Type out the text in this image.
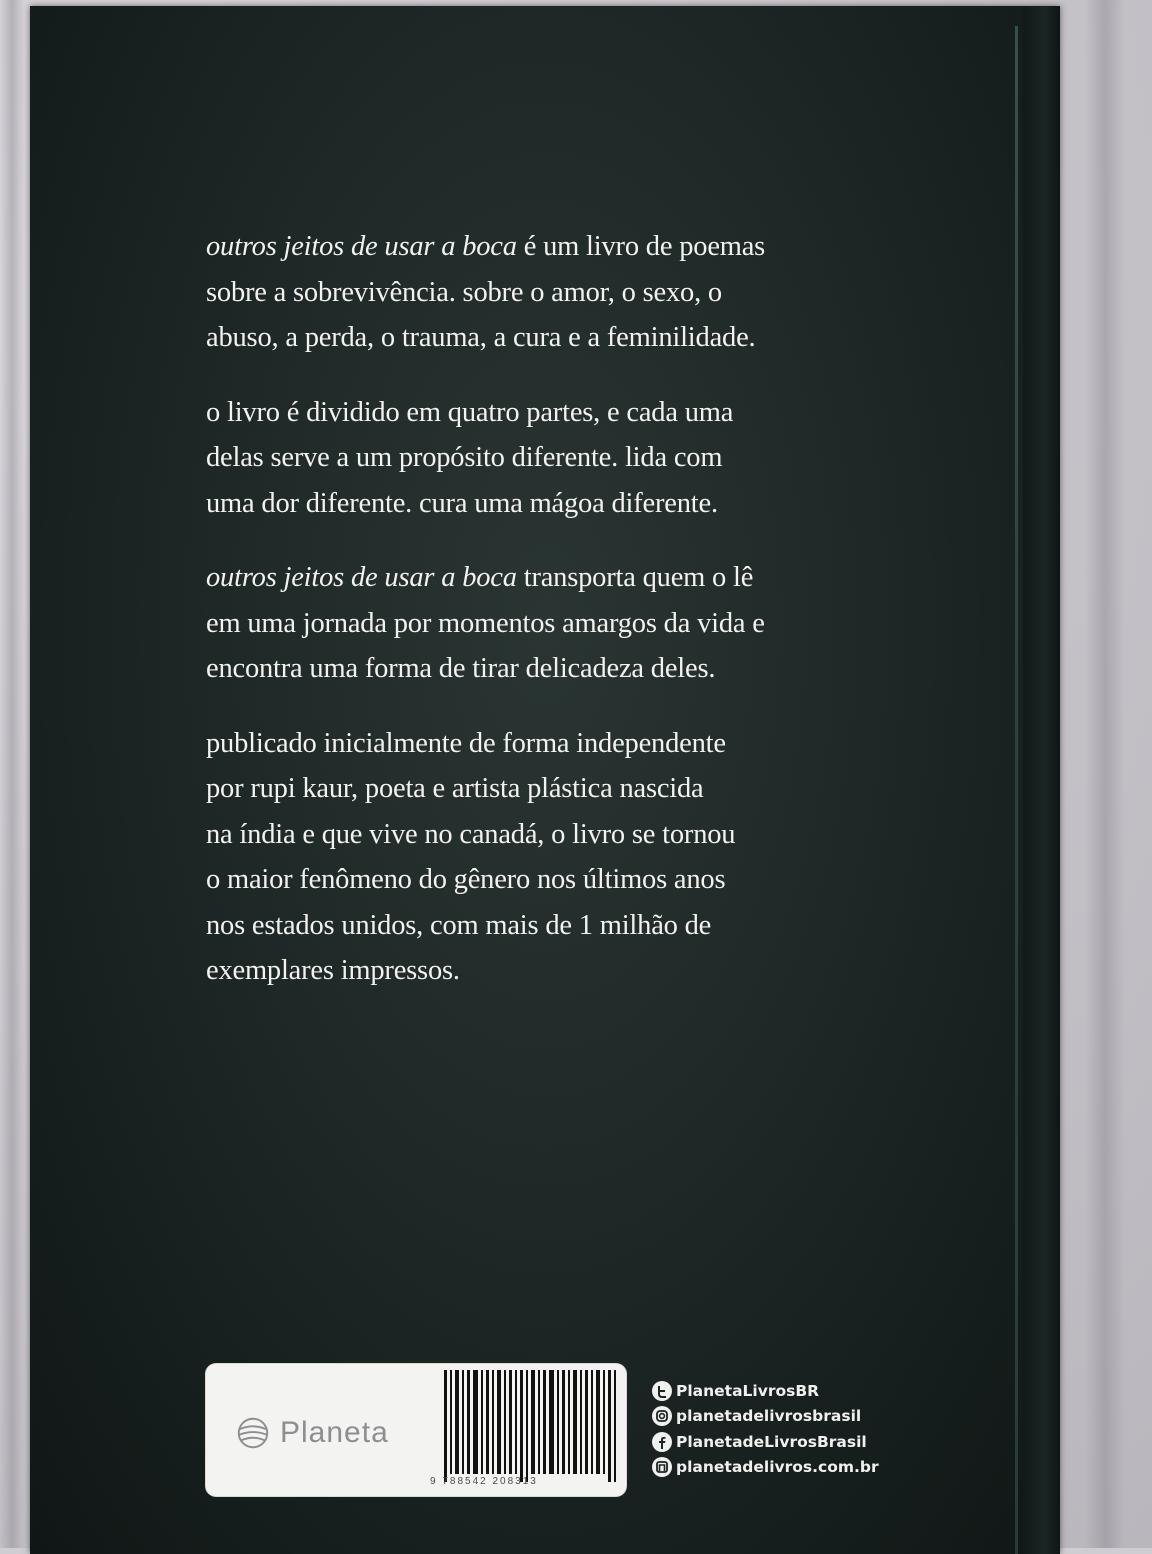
outros jeitos de usar a boca é um livro de poemas
sobre a sobrevivência. sobre o amor, o sexo, o
abuso, a perda, o trauma, a cura e a feminilidade.

o livro é dividido em quatro partes, e cada uma
delas serve a um propósito diferente. lida com
uma dor diferente. cura uma mágoa diferente.

outros jeitos de usar a boca transporta quem o lê
em uma jornada por momentos amargos da vida e
encontra uma forma de tirar delicadeza deles.

publicado inicialmente de forma independente
por rupi kaur, poeta e artista plástica nascida
na índia e que vive no canadá, o livro se tornou
o maior fenômeno do gênero nos últimos anos
nos estados unidos, com mais de 1 milhão de
exemplares impressos.

Planeta
9 788542 208313
PlanetaLivrosBR
planetadelivrosbrasil
PlanetadeLivrosBrasil
planetadelivros.com.br
